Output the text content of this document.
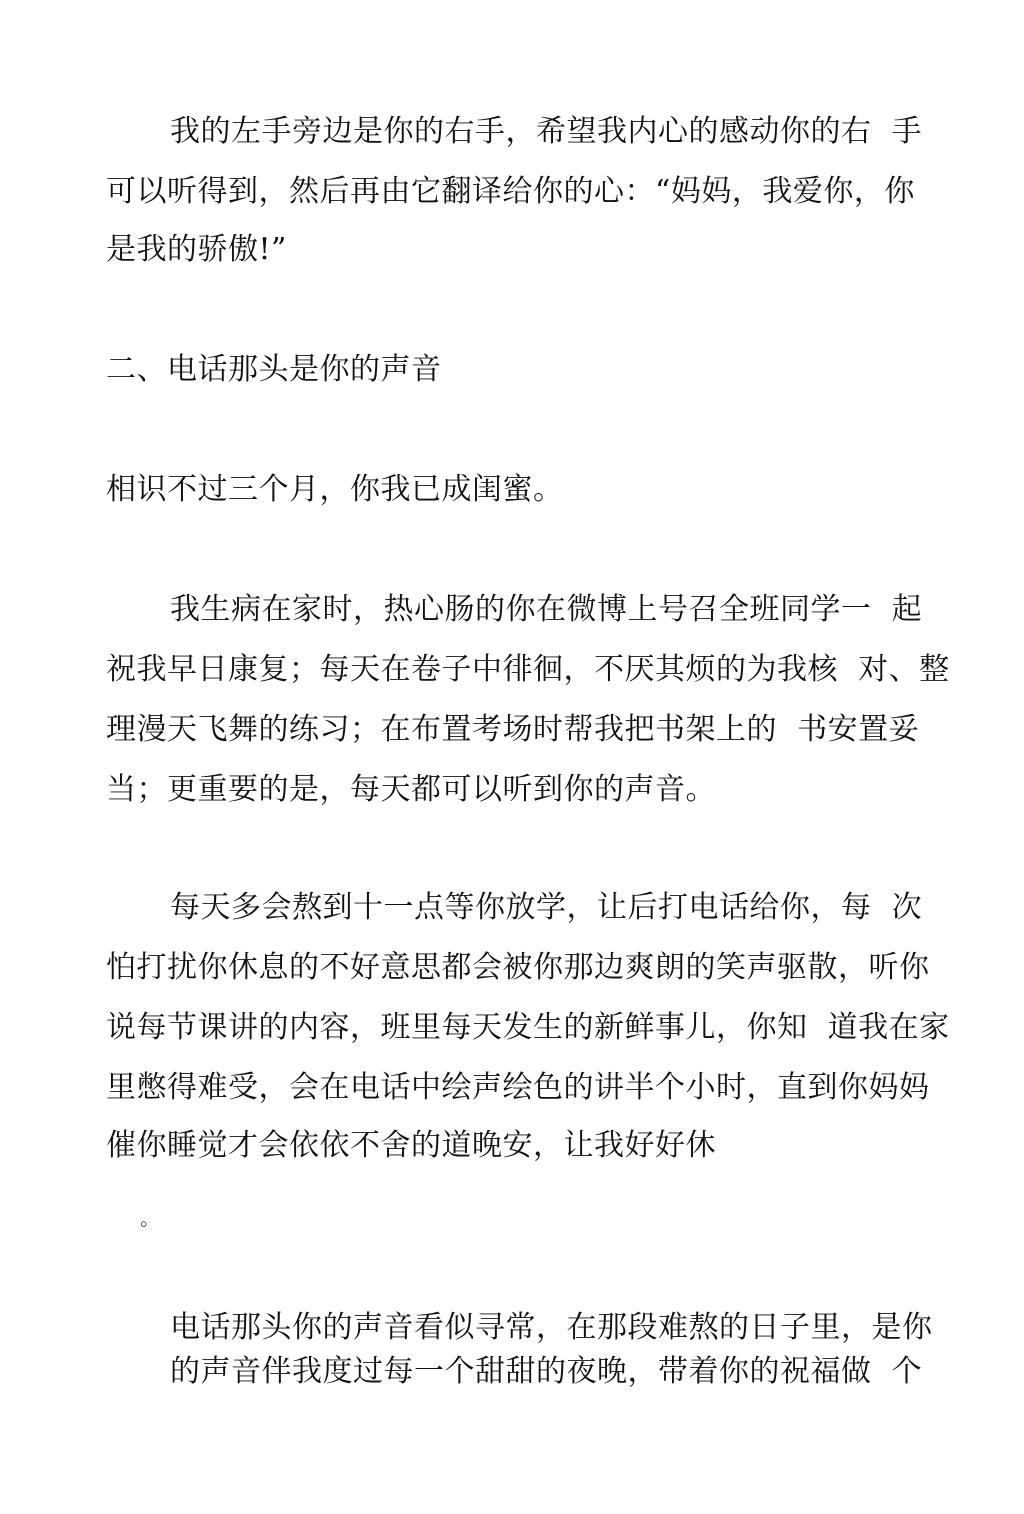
我的左手旁边是你的右手，希望我内心的感动你的右  手
可以听得到，然后再由它翻译给你的心：“妈妈，我爱你，你
是我的骄傲!”
二、电话那头是你的声音
相识不过三个月，你我已成闺蜜。
我生病在家时，热心肠的你在微博上号召全班同学一  起
祝我早日康复；每天在卷子中徘徊，不厌其烦的为我核  对、整
理漫天飞舞的练习；在布置考场时帮我把书架上的  书安置妥
当；更重要的是，每天都可以听到你的声音。
每天多会熬到十一点等你放学，让后打电话给你，每  次
怕打扰你休息的不好意思都会被你那边爽朗的笑声驱散，听你
说每节课讲的内容，班里每天发生的新鲜事儿，你知  道我在家
里憋得难受，会在电话中绘声绘色的讲半个小时，直到你妈妈
催你睡觉才会依依不舍的道晚安，让我好好休
。
电话那头你的声音看似寻常，在那段难熬的日子里，是你
的声音伴我度过每一个甜甜的夜晚，带着你的祝福做  个
